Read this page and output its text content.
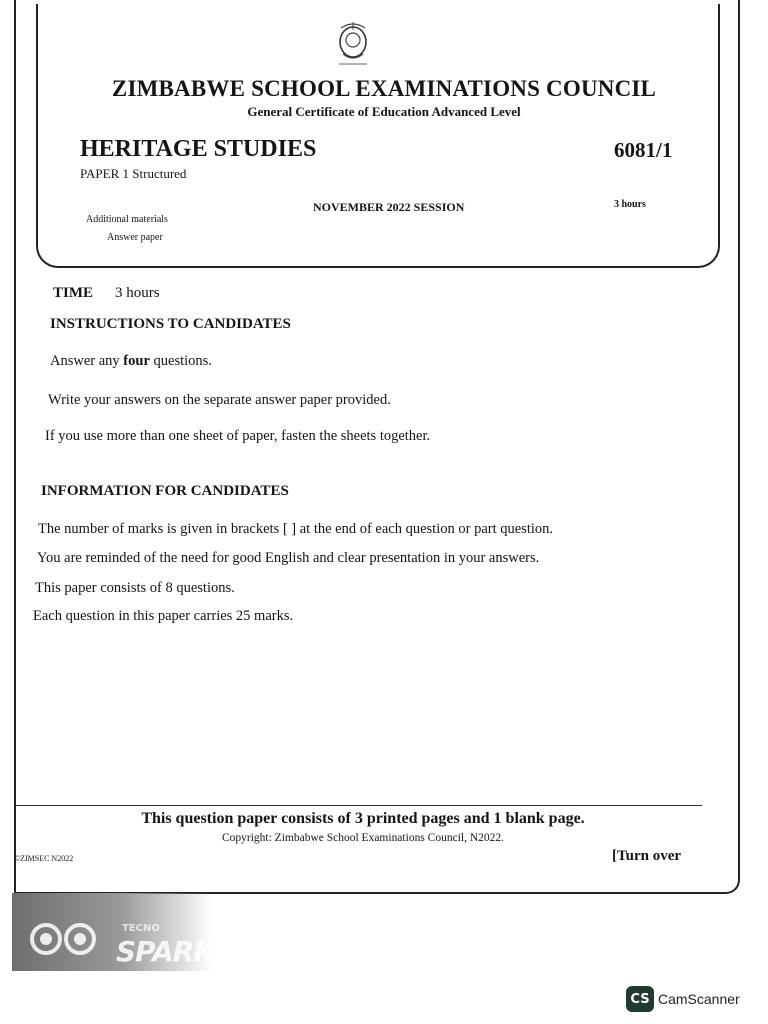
ZIMBABWE SCHOOL EXAMINATIONS COUNCIL
General Certificate of Education Advanced Level
HERITAGE STUDIES	6081/1
PAPER 1 Structured
NOVEMBER 2022 SESSION	3 hours
Additional materials
Answer paper
TIME 3 hours
INSTRUCTIONS TO CANDIDATES
Answer any four questions.
Write your answers on the separate answer paper provided.
If you use more than one sheet of paper, fasten the sheets together.
INFORMATION FOR CANDIDATES
The number of marks is given in brackets [ ] at the end of each question or part question.
You are reminded of the need for good English and clear presentation in your answers.
This paper consists of 8 questions.
Each question in this paper carries 25 marks.
This question paper consists of 3 printed pages and 1 blank page.
Copyright: Zimbabwe School Examinations Council, N2022.
©ZIMSEC N2022	[Turn over
TECNO
SPARK
CS CamScanner
